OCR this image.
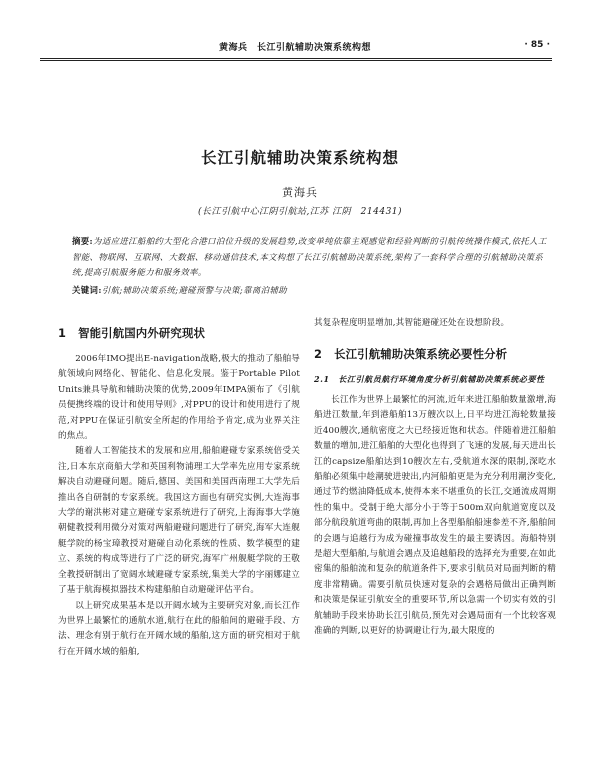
黄海兵　长江引航辅助决策系统构想	· 85 ·
长江引航辅助决策系统构想
黄海兵
(长江引航中心江阴引航站,江苏 江阴　214431)
摘要:为适应进江船舶约大型化合港口泊位升级的发展趋势,改变单纯依靠主观感觉和经验判断的引航传统操作模式,依托人工智能、物联网、互联网、大数据、移动通信技术,本文构想了长江引航辅助决策系统,架构了一套科学合理的引航辅助决策系统,提高引航服务能力和服务效率。
关键词:引航;辅助决策系统;避碰预警与决策;靠离泊辅助
1 智能引航国内外研究现状

2006年IMO提出E-navigation战略,极大的推动了船舶导航领域向网络化、智能化、信息化发展。鉴于Portable Pilot Units兼具导航和辅助决策的优势,2009年IMPA颁布了《引航员便携终端的设计和使用导则》,对PPU的设计和使用进行了规范,对PPU在保证引航安全所起的作用给予肯定,成为业界关注的焦点。

随着人工智能技术的发展和应用,船舶避碰专家系统倍受关注,日本东京商船大学和英国利物浦理工大学率先应用专家系统解决自动避碰问题。随后,德国、美国和美国西南理工大学先后推出各自研制的专家系统。我国这方面也有研究实例,大连海事大学的谢洪彬对建立避碰专家系统进行了研究,上海海事大学施朝健教授利用微分对策对两船避碰问题进行了研究,海军大连舰艇学院的杨宝璋教授对避碰自动化系统的性质、数学模型的建立、系统的构成等进行了广泛的研究,海军广州舰艇学院的王敬全教授研制出了宽阔水域避碰专家系统,集美大学的字丽娜建立了基于航海模拟器技术构建船舶自动避碰评估平台。

以上研究成果基本是以开阔水域为主要研究对象,而长江作为世界上最繁忙的通航水道,航行在此的船舶间的避碰手段、方法、理念有别于航行在开阔水域的船舶,这方面的研究相对于航行在开阔水域的船舶,

其复杂程度明显增加,其智能避碰还处在设想阶段。

2 长江引航辅助决策系统必要性分析
2.1　长江引航员航行环境角度分析引航辅助决策系统必要性

长江作为世界上最繁忙的河流,近年来进江船舶数量激增,海船进江数量,年到港船舶13万艘次以上,日平均进江海轮数量接近400艘次,通航密度之大已经接近饱和状态。伴随着进江船舶数量的增加,进江船舶的大型化也得到了飞速的发展,每天进出长江的capsize船舶达到10艘次左右,受航道水深的限制,深吃水船舶必须集中趁潮驶进驶出,内河船舶更是为充分利用潮汐变化,通过节约燃油降低成本,使得本来不堪重负的长江,交通流成周期性的集中。受制于绝大部分小于等于500m双向航道宽度以及部分航段航道弯曲的限制,再加上各型船舶船速参差不齐,船舶间的会遇与追越行为成为碰撞事故发生的最主要诱因。海船特别是超大型船舶,与航道会遇点及追越船段的选择充为重要,在如此密集的船舶流和复杂的航道条件下,要求引航员对局面判断的精度非常精确。需要引航员快速对复杂的会遇格局做出正确判断和决策是保证引航安全的重要环节,所以急需一个切实有效的引航辅助手段来协助长江引航员,预先对会遇局面有一个比较客观准确的判断,以更好的协调避让行为,最大限度的
